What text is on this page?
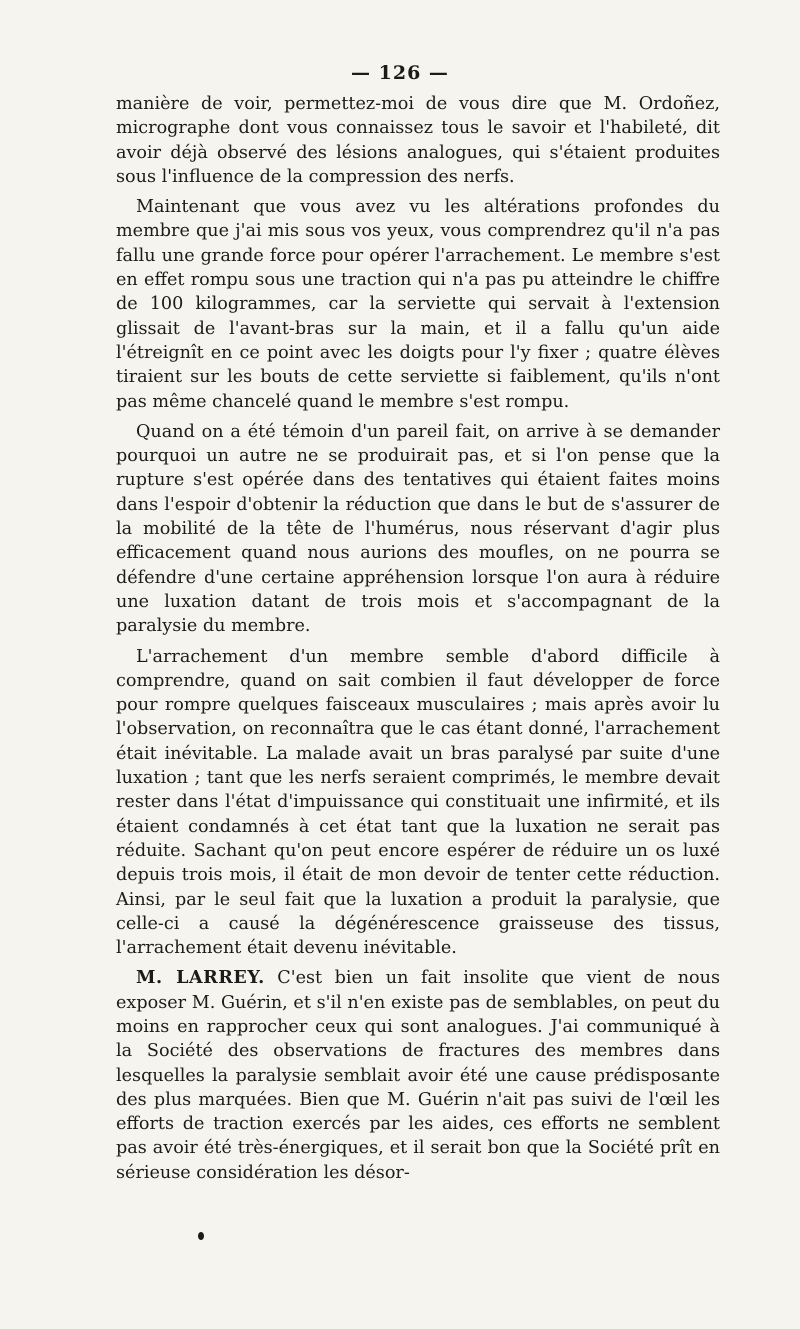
— 126 —

manière de voir, permettez-moi de vous dire que M. Ordoñez, micrographe dont vous connaissez tous le savoir et l'habileté, dit avoir déjà observé des lésions analogues, qui s'étaient produites sous l'influence de la compression des nerfs.

Maintenant que vous avez vu les altérations profondes du membre que j'ai mis sous vos yeux, vous comprendrez qu'il n'a pas fallu une grande force pour opérer l'arrachement. Le membre s'est en effet rompu sous une traction qui n'a pas pu atteindre le chiffre de 100 kilogrammes, car la serviette qui servait à l'extension glissait de l'avant-bras sur la main, et il a fallu qu'un aide l'étreignît en ce point avec les doigts pour l'y fixer ; quatre élèves tiraient sur les bouts de cette serviette si faiblement, qu'ils n'ont pas même chancelé quand le membre s'est rompu.

Quand on a été témoin d'un pareil fait, on arrive à se demander pourquoi un autre ne se produirait pas, et si l'on pense que la rupture s'est opérée dans des tentatives qui étaient faites moins dans l'espoir d'obtenir la réduction que dans le but de s'assurer de la mobilité de la tête de l'humérus, nous réservant d'agir plus efficacement quand nous aurions des moufles, on ne pourra se défendre d'une certaine appréhension lorsque l'on aura à réduire une luxation datant de trois mois et s'accompagnant de la paralysie du membre.

L'arrachement d'un membre semble d'abord difficile à comprendre, quand on sait combien il faut développer de force pour rompre quelques faisceaux musculaires ; mais après avoir lu l'observation, on reconnaîtra que le cas étant donné, l'arrachement était inévitable. La malade avait un bras paralysé par suite d'une luxation ; tant que les nerfs seraient comprimés, le membre devait rester dans l'état d'impuissance qui constituait une infirmité, et ils étaient condamnés à cet état tant que la luxation ne serait pas réduite. Sachant qu'on peut encore espérer de réduire un os luxé depuis trois mois, il était de mon devoir de tenter cette réduction. Ainsi, par le seul fait que la luxation a produit la paralysie, que celle-ci a causé la dégénérescence graisseuse des tissus, l'arrachement était devenu inévitable.

M. LARREY. C'est bien un fait insolite que vient de nous exposer M. Guérin, et s'il n'en existe pas de semblables, on peut du moins en rapprocher ceux qui sont analogues. J'ai communiqué à la Société des observations de fractures des membres dans lesquelles la paralysie semblait avoir été une cause prédisposante des plus marquées. Bien que M. Guérin n'ait pas suivi de l'œil les efforts de traction exercés par les aides, ces efforts ne semblent pas avoir été très-énergiques, et il serait bon que la Société prît en sérieuse considération les désor-
